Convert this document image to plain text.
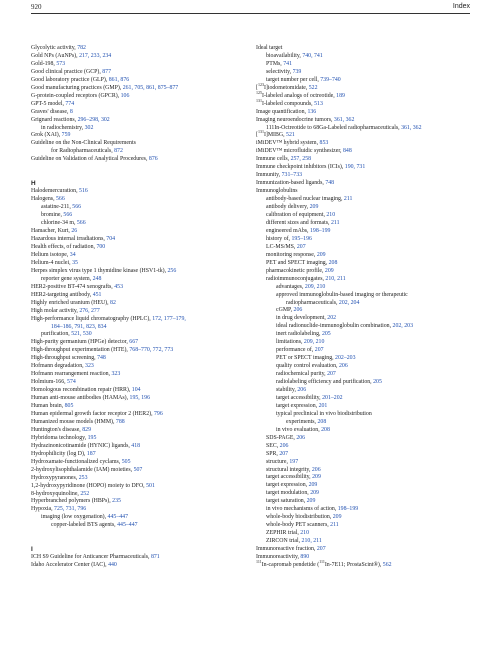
920	Index
Glycolytic activity, 782
Gold NPs (AuNPs), 217, 233, 234
Gold-198, 573
Good clinical practice (GCP), 877
Good laboratory practice (GLP), 861, 876
Good manufacturing practices (GMP), 261, 705, 861, 875–877
G-protein-coupled receptors (GPCR), 106
GPT-5 model, 774
Graves' disease, 8
Grignard reactions, 296–298, 302
in radiochemistry, 302
Grok (XAI), 759
Guideline on the Non-Clinical Requirements
for Radiopharmaceuticals, 872
Guideline on Validation of Analytical Procedures, 876
H
Halodemercuration, 516
Halogens, 566
astatine-211, 566
bromine, 566
chlorine-34 m, 566
Hamacher, Kurt, 26
Hazardous internal irradiations, 704
Health effects, of radiation, 700
Helium isotope, 34
Helium-4 nuclei, 35
Herpes simplex virus type 1 thymidine kinase (HSV1-tk), 256
reporter gene system, 248
HER2-positive BT-474 xenografts, 453
HER2-targeting antibody, 451
Highly enriched uranium (HEU), 82
High molar activity, 276, 277
High-performance liquid chromatography (HPLC), 172, 177–179,
184–186, 791, 823, 834
purification, 521, 530
High-purity germanium (HPGe) detector, 667
High-throughput experimentation (HTE), 768–770, 772, 773
High-throughput screening, 748
Hofmann degradation, 323
Hofmann rearrangement reaction, 323
Holmium-166, 574
Homologous recombination repair (HRR), 104
Human anti-mouse antibodies (HAMAs), 195, 196
Human brain, 805
Human epidermal growth factor receptor 2 (HER2), 796
Humanized mouse models (HMM), 788
Huntington's disease, 829
Hybridoma technology, 195
Hydrazinonicotinamide (HYNIC) ligands, 418
Hydrophilicity (log D), 187
Hydroxamate-functionalized cyclams, 505
2-hydroxylisophthalamide (IAM) moieties, 507
Hydroxypyranones, 253
1,2-hydroxypyridinone (HOPO) moiety to DFO, 501
8-hydroxyquinoline, 252
Hyperbranched polymers (HBPs), 235
Hypoxia, 725, 731, 796
imaging (low oxygenation), 445–447
copper-labeled BTS agents, 445–447
I
ICH S9 Guideline for Anticancer Pharmaceuticals, 871
Idaho Accelerator Center (IAC), 440
Ideal target
bioavailability, 740, 741
PTMs, 741
selectivity, 739
target number per cell, 739–740
[$^{123}$I]iodometomidate, 522
$^{125}$I-labeled analogs of octreotide, 189
$^{131}$I-labeled compounds, 513
Image quantification, 136
Imaging neuroendocrine tumors, 361, 362
111In-Octreotide to 68Ga-Labeled radiopharmaceuticals, 361, 362
[$^{131}$I]MIBG, 521
iMiDEV™ hybrid system, 853
iMiDEV™ microfluidic synthesizer, 848
Immune cells, 257, 258
Immune checkpoint inhibitors (ICIs), 190, 731
Immunity, 731–733
Immunization-based ligands, 748
Immunoglobulins
antibody-based nuclear imaging, 211
antibody delivery, 209
calibration of equipment, 210
different sizes and formats, 211
engineered mAbs, 198–199
history of, 195–196
LC-MS/MS, 207
monitoring response, 209
PET and SPECT imaging, 208
pharmacokinetic profile, 209
radioimmunoconjugates, 210, 211
advantages, 209, 210
approved immunoglobulin-based imaging or therapeutic
radiopharmaceuticals, 202, 204
cGMP, 206
in drug development, 202
ideal radionuclide-immunoglobulin combination, 202, 203
inert radiolabeling, 205
limitations, 209, 210
performance of, 207
PET or SPECT imaging, 202–203
quality control evaluation, 206
radiochemical purity, 207
radiolabeling efficiency and purification, 205
stability, 206
target accessibility, 201–202
target expression, 201
typical preclinical in vivo biodistribution
experiments, 208
in vivo evaluation, 208
SDS-PAGE, 206
SEC, 206
SPR, 207
structure, 197
structural integrity, 206
target accessibility, 209
target expression, 209
target modulation, 209
target saturation, 209
in vivo mechanisms of action, 198–199
whole-body biodistribution, 209
whole-body PET scanners, 211
ZEPHIR trial, 210
ZIRCON trial, 210, 211
Immunoreactive fraction, 207
Immunoreactivity, 890
$^{111}$In-capromab pendetide ($^{111}$In-7E11; ProstaScint®), 562
